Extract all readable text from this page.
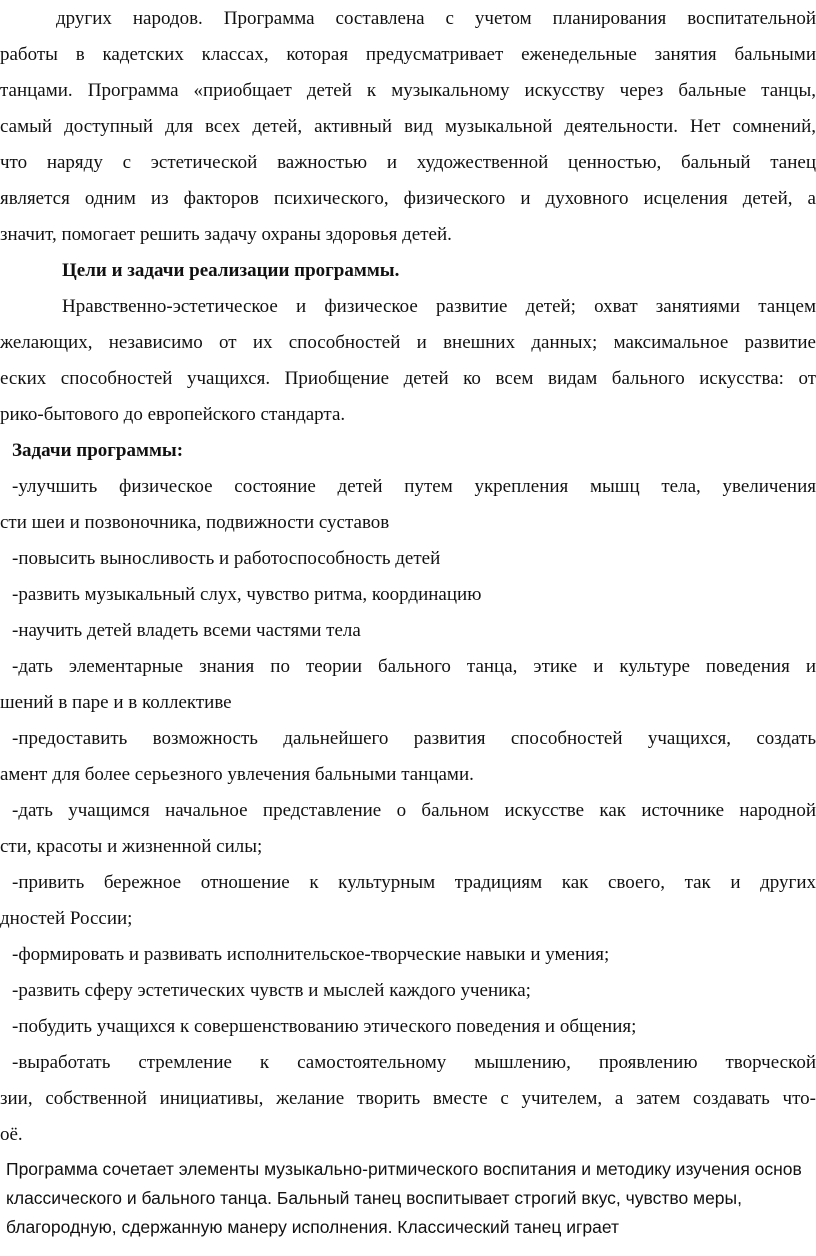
других народов. Программа составлена с учетом планирования воспитательной
работы в кадетских классах, которая предусматривает еженедельные занятия бальными
танцами. Программа «приобщает детей к музыкальному искусству через бальные танцы,
самый доступный для всех детей, активный вид музыкальной деятельности. Нет сомнений,
что наряду с эстетической важностью и художественной ценностью, бальный танец
является одним из факторов психического, физического и духовного исцеления детей, а
значит, помогает решить задачу охраны здоровья детей.
Цели и задачи реализации программы.
Нравственно-эстетическое и физическое развитие детей; охват занятиями танцем
желающих, независимо от их способностей и внешних данных; максимальное развитие
еских способностей учащихся. Приобщение детей ко всем видам бального искусства: от
рико-бытового до европейского стандарта.
Задачи программы:
-улучшить физическое состояние детей путем укрепления мышц тела, увеличения
сти шеи и позвоночника, подвижности суставов
-повысить выносливость и работоспособность детей
-развить музыкальный слух, чувство ритма, координацию
-научить детей владеть всеми частями тела
-дать элементарные знания по теории бального танца, этике и культуре поведения и
шений в паре и в коллективе
-предоставить возможность дальнейшего развития способностей учащихся, создать
амент для более серьезного увлечения бальными танцами.
-дать учащимся начальное представление о бальном искусстве как источнике народной
сти, красоты и жизненной силы;
-привить бережное отношение к культурным традициям как своего, так и других
дностей России;
-формировать и развивать исполнительское-творческие навыки и умения;
-развить сферу эстетических чувств и мыслей каждого ученика;
-побудить учащихся к совершенствованию этического поведения и общения;
-выработать стремление к самостоятельному мышлению, проявлению творческой
зии, собственной инициативы, желание творить вместе с учителем, а затем создавать что-
оё.
Программа сочетает элементы музыкально-ритмического воспитания и методику изучения основ
классического и бального танца. Бальный танец воспитывает строгий вкус, чувство меры,
благородную, сдержанную манеру исполнения. Классический танец играет
